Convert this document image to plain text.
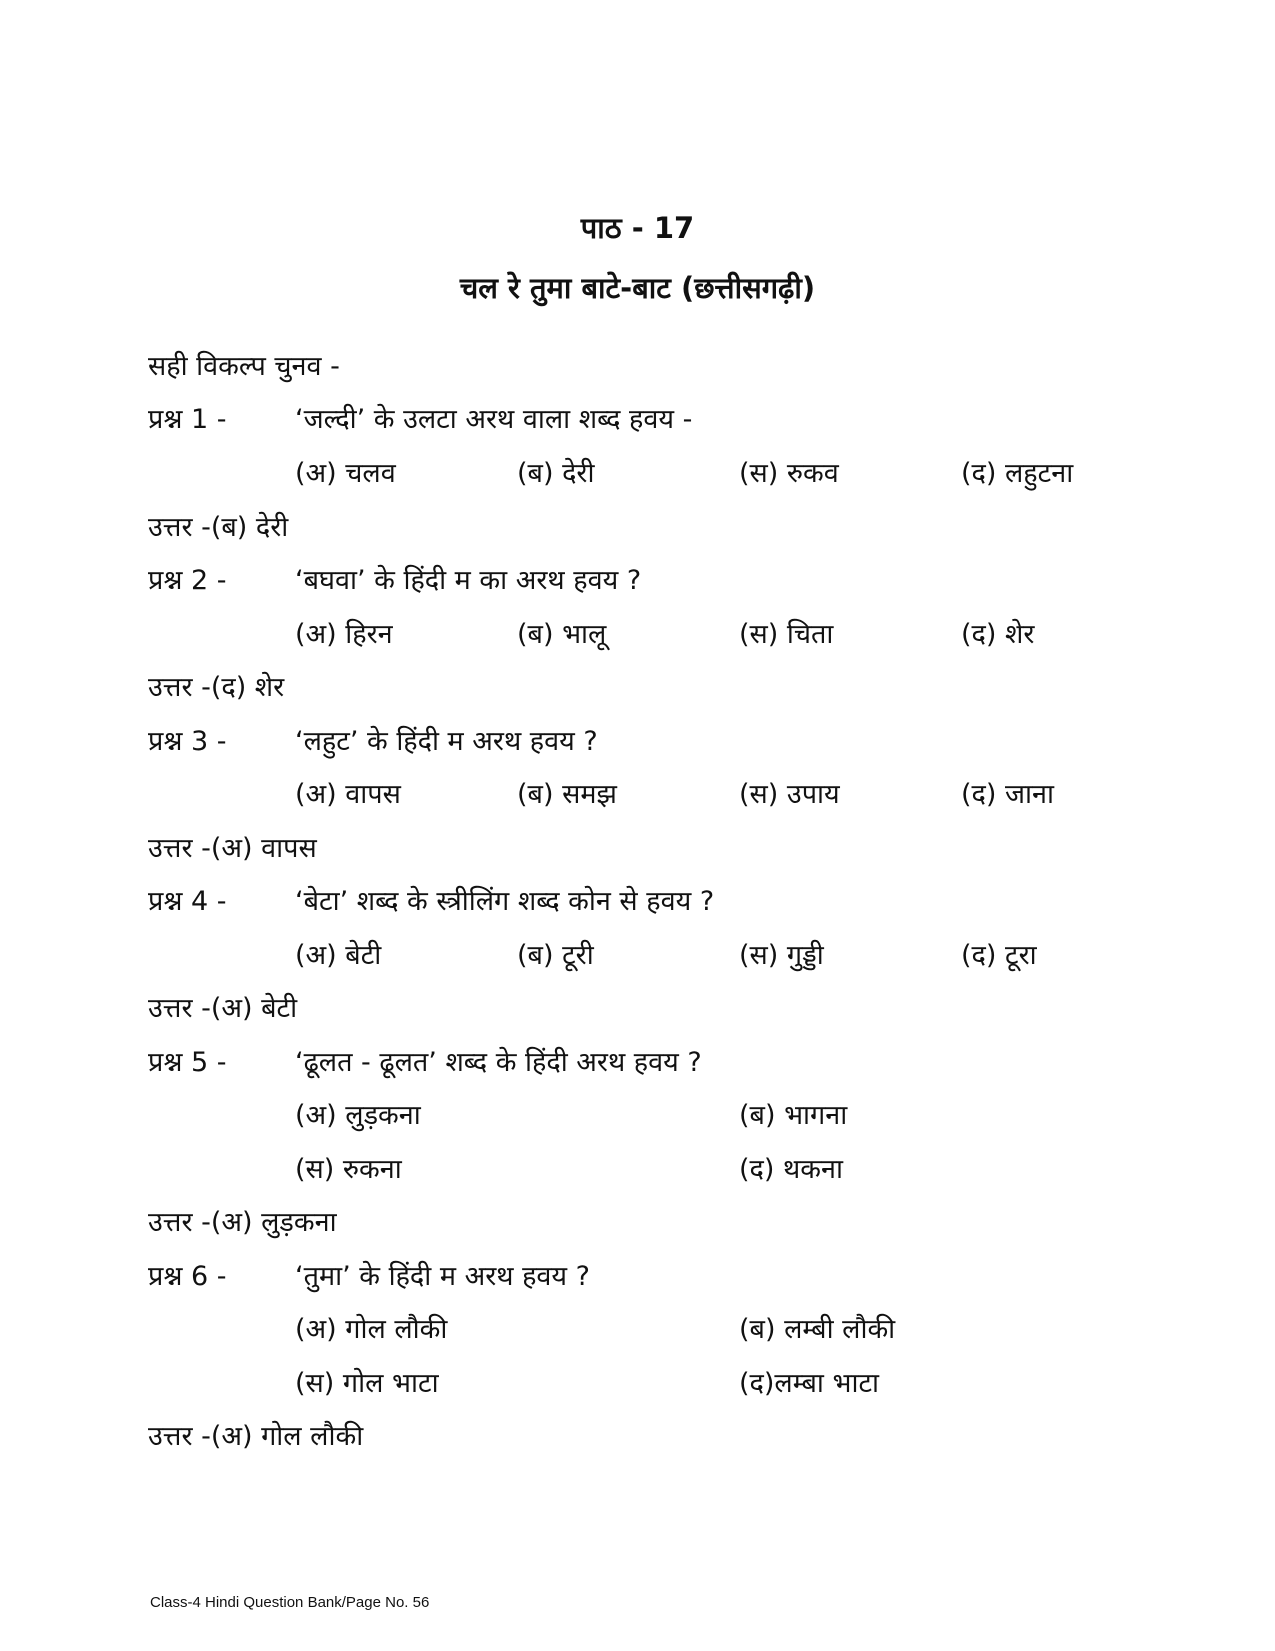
पाठ - 17
चल रे तुमा बाटे-बाट (छत्तीसगढ़ी)
सही विकल्प चुनव -
प्रश्न 1 -	‘जल्दी’ के उलटा अरथ वाला शब्द हवय -
(अ) चलव	(ब) देरी	(स) रुकव	(द) लहुटना
उत्तर -(ब) देरी
प्रश्न 2 -	‘बघवा’ के हिंदी म का अरथ हवय ?
(अ) हिरन	(ब) भालू	(स) चिता	(द) शेर
उत्तर -(द) शेर
प्रश्न 3 -	‘लहुट’ के हिंदी म अरथ हवय ?
(अ) वापस	(ब) समझ	(स) उपाय	(द) जाना
उत्तर -(अ) वापस
प्रश्न 4 -	‘बेटा’ शब्द के स्त्रीलिंग शब्द कोन से हवय ?
(अ) बेटी	(ब) टूरी	(स) गुड्डी	(द) टूरा
उत्तर -(अ) बेटी
प्रश्न 5 -	‘ढूलत - ढूलत’ शब्द के हिंदी अरथ हवय ?
(अ) लुड़कना	(ब) भागना
(स) रुकना	(द) थकना
उत्तर -(अ) लुड़कना
प्रश्न 6 -	‘तुमा’ के हिंदी म अरथ हवय ?
(अ) गोल लौकी	(ब) लम्बी लौकी
(स) गोल भाटा	(द)लम्बा भाटा
उत्तर -(अ) गोल लौकी
Class-4 Hindi Question Bank/Page No. 56
